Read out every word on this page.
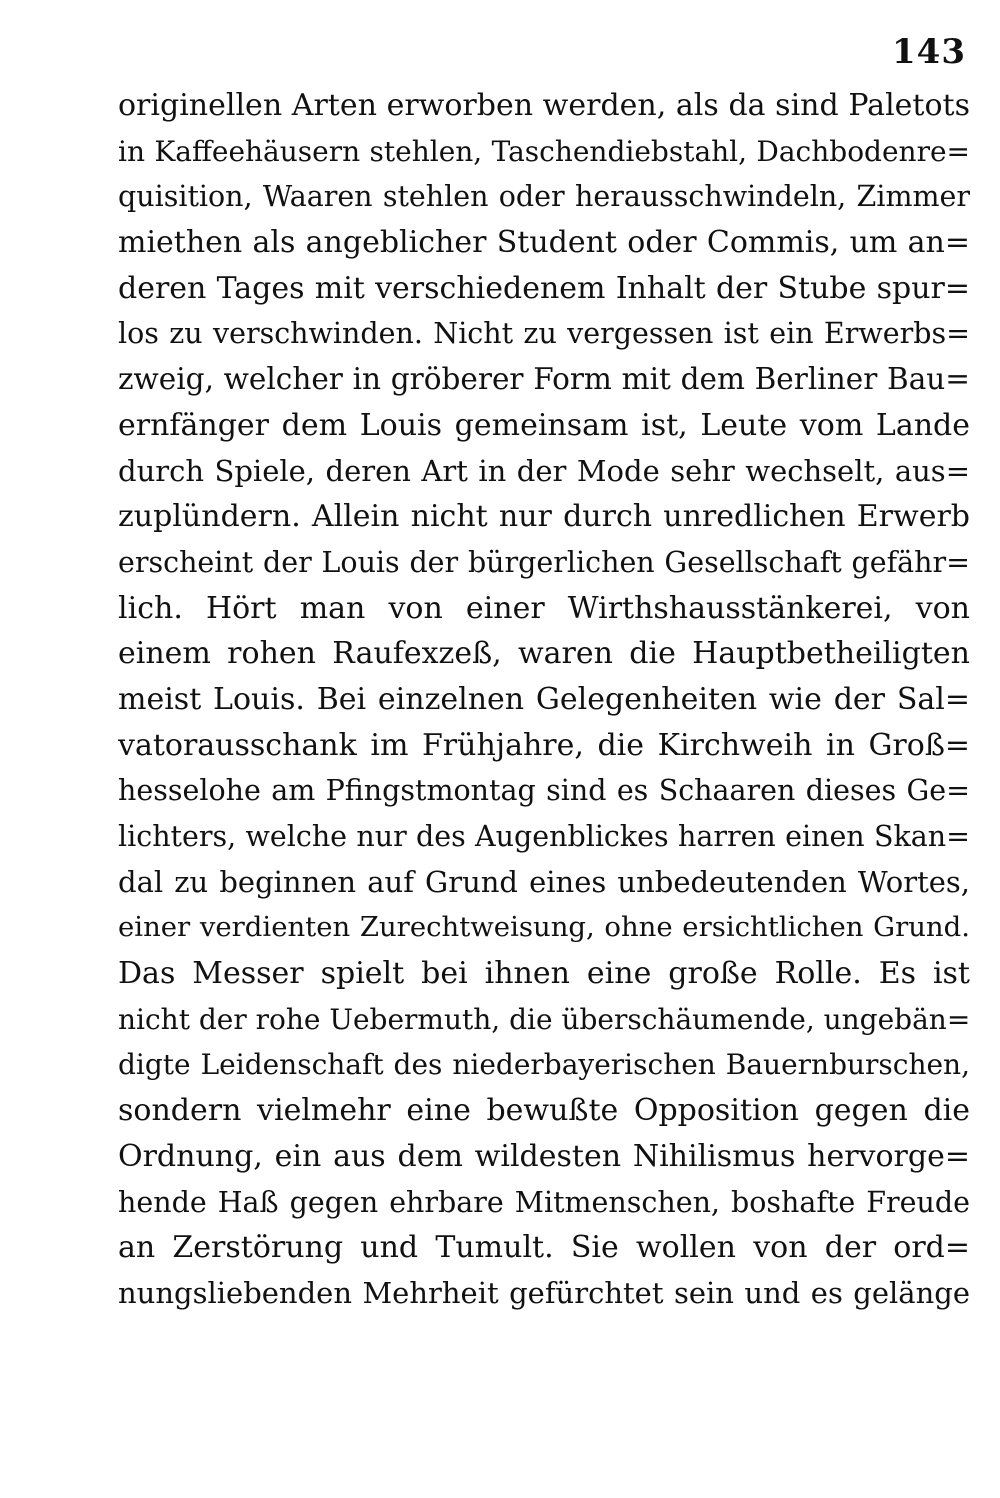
143
originellen Arten erworben werden, als da sind Paletots
in Kaffeehäusern stehlen, Taschendiebstahl, Dachbodenre=
quisition, Waaren stehlen oder herausschwindeln, Zimmer
miethen als angeblicher Student oder Commis, um an=
deren Tages mit verschiedenem Inhalt der Stube spur=
los zu verschwinden. Nicht zu vergessen ist ein Erwerbs=
zweig, welcher in gröberer Form mit dem Berliner Bau=
ernfänger dem Louis gemeinsam ist, Leute vom Lande
durch Spiele, deren Art in der Mode sehr wechselt, aus=
zuplündern. Allein nicht nur durch unredlichen Erwerb
erscheint der Louis der bürgerlichen Gesellschaft gefähr=
lich. Hört man von einer Wirthshausstänkerei, von
einem rohen Raufexzeß, waren die Hauptbetheiligten
meist Louis. Bei einzelnen Gelegenheiten wie der Sal=
vatorausschank im Frühjahre, die Kirchweih in Groß=
hesselohe am Pfingstmontag sind es Schaaren dieses Ge=
lichters, welche nur des Augenblickes harren einen Skan=
dal zu beginnen auf Grund eines unbedeutenden Wortes,
einer verdienten Zurechtweisung, ohne ersichtlichen Grund.
Das Messer spielt bei ihnen eine große Rolle. Es ist
nicht der rohe Uebermuth, die überschäumende, ungebän=
digte Leidenschaft des niederbayerischen Bauernburschen,
sondern vielmehr eine bewußte Opposition gegen die
Ordnung, ein aus dem wildesten Nihilismus hervorge=
hende Haß gegen ehrbare Mitmenschen, boshafte Freude
an Zerstörung und Tumult. Sie wollen von der ord=
nungsliebenden Mehrheit gefürchtet sein und es gelänge
